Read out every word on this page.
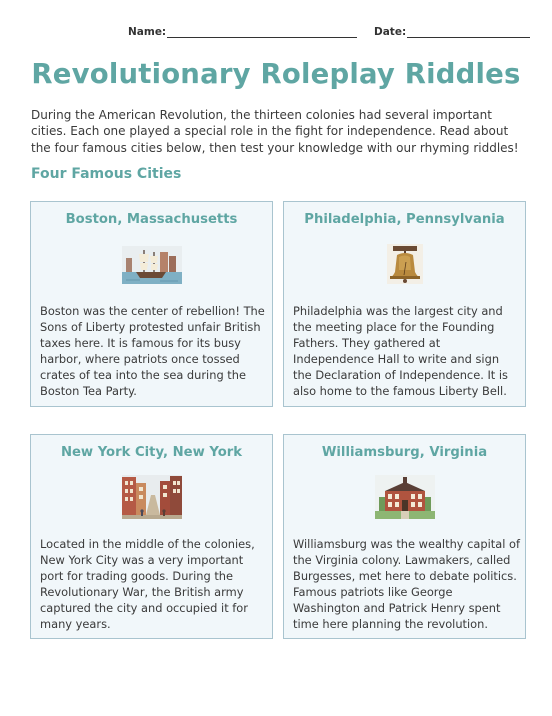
Name:	Date:
Revolutionary Roleplay Riddles

During the American Revolution, the thirteen colonies had several important cities. Each one played a special role in the fight for independence. Read about the four famous cities below, then test your knowledge with our rhyming riddles!

Four Famous Cities
Boston, Massachusetts

Boston was the center of rebellion! The Sons of Liberty protested unfair British taxes here. It is famous for its busy harbor, where patriots once tossed crates of tea into the sea during the Boston Tea Party.

Philadelphia, Pennsylvania

Philadelphia was the largest city and the meeting place for the Founding Fathers. They gathered at Independence Hall to write and sign the Declaration of Independence. It is also home to the famous Liberty Bell.

New York City, New York

Located in the middle of the colonies, New York City was a very important port for trading goods. During the Revolutionary War, the British army captured the city and occupied it for many years.

Williamsburg, Virginia

Williamsburg was the wealthy capital of the Virginia colony. Lawmakers, called Burgesses, met here to debate politics. Famous patriots like George Washington and Patrick Henry spent time here planning the revolution.
